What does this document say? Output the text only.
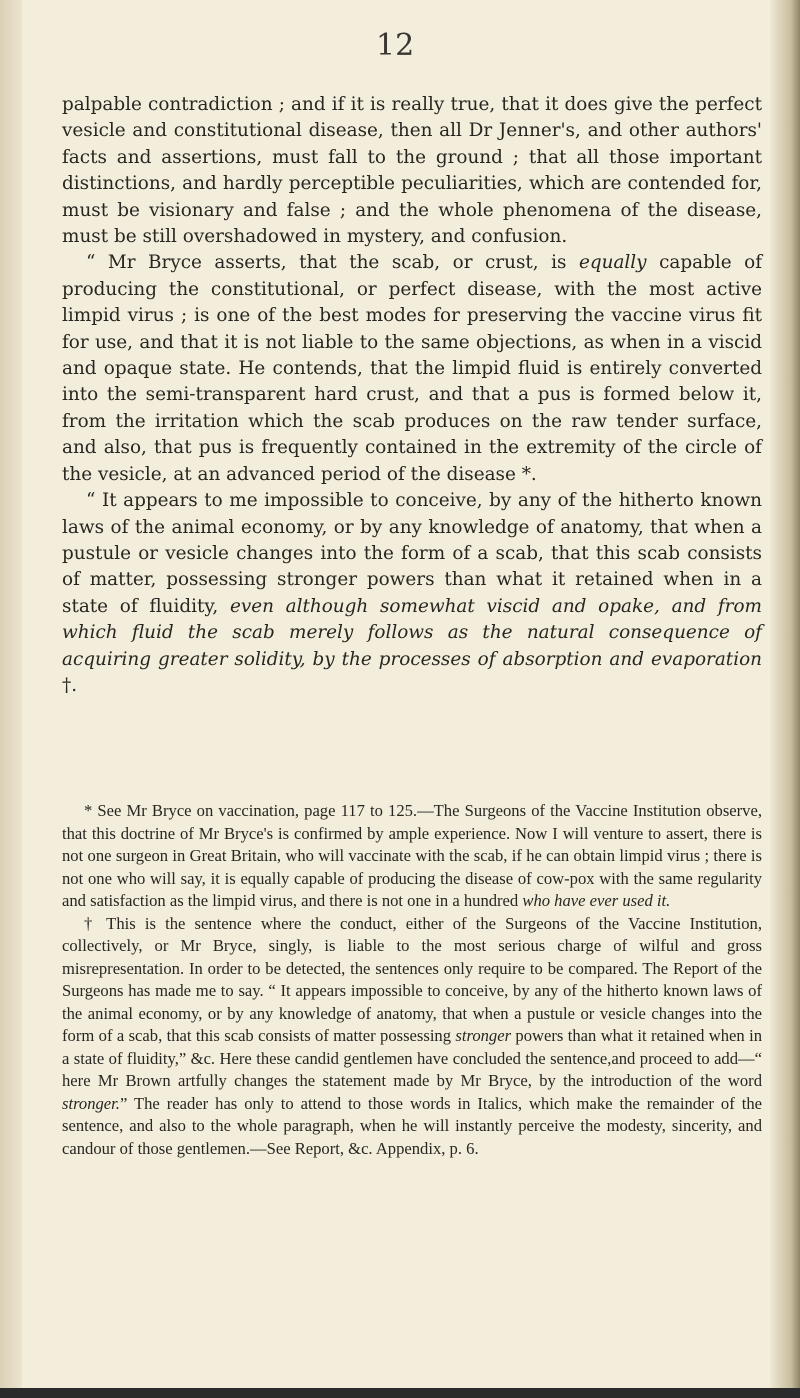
12

palpable contradiction ; and if it is really true, that it does give the perfect vesicle and constitutional disease, then all Dr Jenner's, and other authors' facts and assertions, must fall to the ground ; that all those important distinctions, and hardly perceptible peculiarities, which are contended for, must be visionary and false ; and the whole phenomena of the disease, must be still overshadowed in mystery, and confusion.

“ Mr Bryce asserts, that the scab, or crust, is equally capable of producing the constitutional, or perfect disease, with the most active limpid virus ; is one of the best modes for preserving the vaccine virus fit for use, and that it is not liable to the same objections, as when in a viscid and opaque state. He contends, that the limpid fluid is entirely converted into the semi-transparent hard crust, and that a pus is formed below it, from the irritation which the scab produces on the raw tender surface, and also, that pus is frequently contained in the extremity of the circle of the vesicle, at an advanced period of the disease *.

“ It appears to me impossible to conceive, by any of the hitherto known laws of the animal economy, or by any knowledge of anatomy, that when a pustule or vesicle changes into the form of a scab, that this scab consists of matter, possessing stronger powers than what it retained when in a state of fluidity, even although somewhat viscid and opake, and from which fluid the scab merely follows as the natural consequence of acquiring greater solidity, by the processes of absorption and evaporation †.

* See Mr Bryce on vaccination, page 117 to 125.—The Surgeons of the Vaccine Institution observe, that this doctrine of Mr Bryce's is confirmed by ample experience. Now I will venture to assert, there is not one surgeon in Great Britain, who will vaccinate with the scab, if he can obtain limpid virus ; there is not one who will say, it is equally capable of producing the disease of cow-pox with the same regularity and satisfaction as the limpid virus, and there is not one in a hundred who have ever used it.

† This is the sentence where the conduct, either of the Surgeons of the Vaccine Institution, collectively, or Mr Bryce, singly, is liable to the most serious charge of wilful and gross misrepresentation. In order to be detected, the sentences only require to be compared. The Report of the Surgeons has made me to say. “ It appears impossible to conceive, by any of the hitherto known laws of the animal economy, or by any knowledge of anatomy, that when a pustule or vesicle changes into the form of a scab, that this scab consists of matter possessing stronger powers than what it retained when in a state of fluidity,” &c. Here these candid gentlemen have concluded the sentence,and proceed to add—“ here Mr Brown artfully changes the statement made by Mr Bryce, by the introduction of the word stronger.” The reader has only to attend to those words in Italics, which make the remainder of the sentence, and also to the whole paragraph, when he will instantly perceive the modesty, sincerity, and candour of those gentlemen.—See Report, &c. Appendix, p. 6.
